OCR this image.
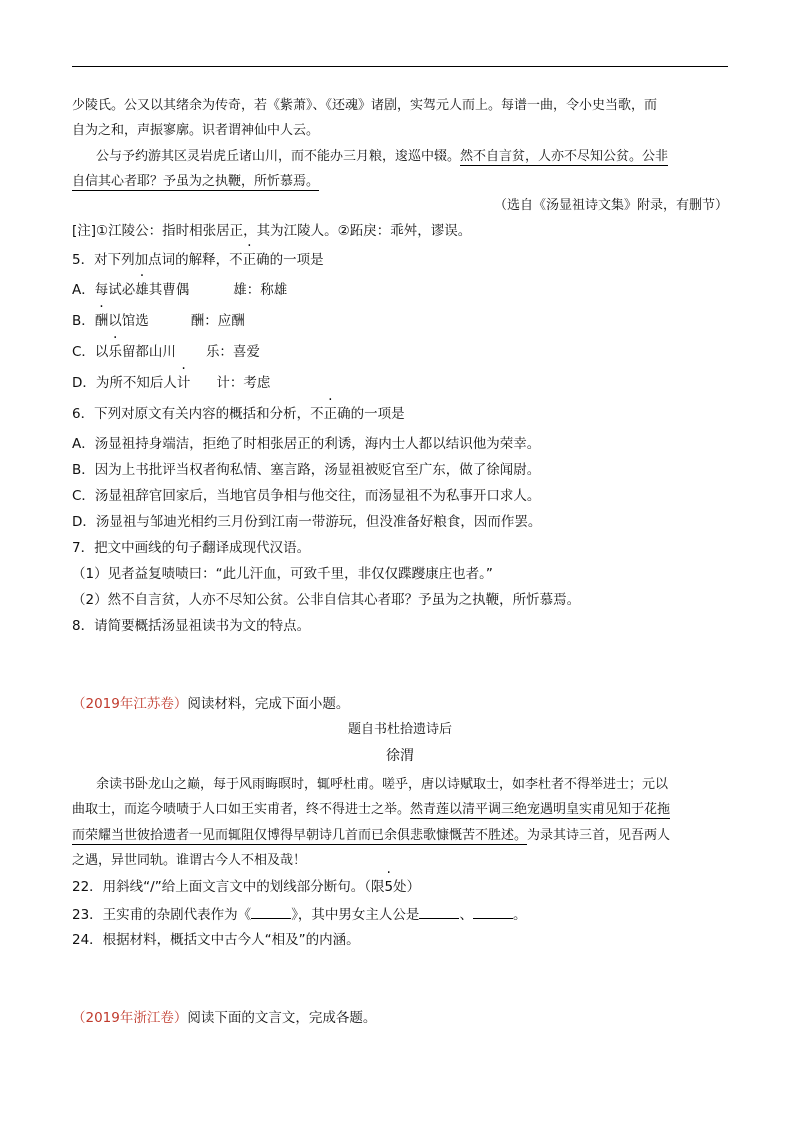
少陵氏。公又以其绪余为传奇，若《紫萧》、《还魂》诸剧，实驾元人而上。每谱一曲，令小史当歌，而
自为之和，声振寥廓。识者谓神仙中人云。
公与予约游其区灵岩虎丘诸山川，而不能办三月粮，逡巡中辍。然不自言贫，人亦不尽知公贫。公非
自信其心者耶？予虽为之执鞭，所忻慕焉。
（选自《汤显祖诗文集》附录，有删节）
[注]①江陵公：指时相张居正，其为江陵人。②跖戾：乖舛，谬误。
5．对下列加点词的解释，不正确的一项是
A．每试必雄其曹偶	雄：称雄
B．酬以馆选	酬：应酬
C．以乐留都山川 乐：喜爱
D．为所不知后人计 计：考虑
6．下列对原文有关内容的概括和分析，不正确的一项是
A．汤显祖持身端洁，拒绝了时相张居正的利诱，海内士人都以结识他为荣幸。
B．因为上书批评当权者徇私情、塞言路，汤显祖被贬官至广东，做了徐闻尉。
C．汤显祖辞官回家后，当地官员争相与他交往，而汤显祖不为私事开口求人。
D．汤显祖与邹迪光相约三月份到江南一带游玩，但没准备好粮食，因而作罢。
7．把文中画线的句子翻译成现代汉语。
（1）见者益复啧啧曰：“此儿汗血，可致千里，非仅仅蹀躞康庄也者。”
（2）然不自言贫，人亦不尽知公贫。公非自信其心者耶？予虽为之执鞭，所忻慕焉。
8．请简要概括汤显祖读书为文的特点。
（2019年江苏卷）阅读材料，完成下面小题。
题自书杜拾遗诗后
徐渭
余读书卧龙山之巅，每于风雨晦暝时，辄呼杜甫。嗟乎，唐以诗赋取士，如李杜者不得举进士；元以
曲取士，而迄今啧啧于人口如王实甫者，终不得进士之举。然青莲以清平调三绝宠遇明皇实甫见知于花拖
而荣耀当世彼拾遗者一见而辄阻仅博得早朝诗几首而已余俱悲歌慷慨苦不胜述。为录其诗三首，见吾两人
之遇，异世同轨。谁谓古今人不相及哉！
22．用斜线“/”给上面文言文中的划线部分断句。（· 限5处）
23．王实甫的杂剧代表作为《	》，其中男女主人公是	、	。
24．根据材料，概括文中古今人“相及”的内涵。
（2019年浙江卷）阅读下面的文言文，完成各题。
